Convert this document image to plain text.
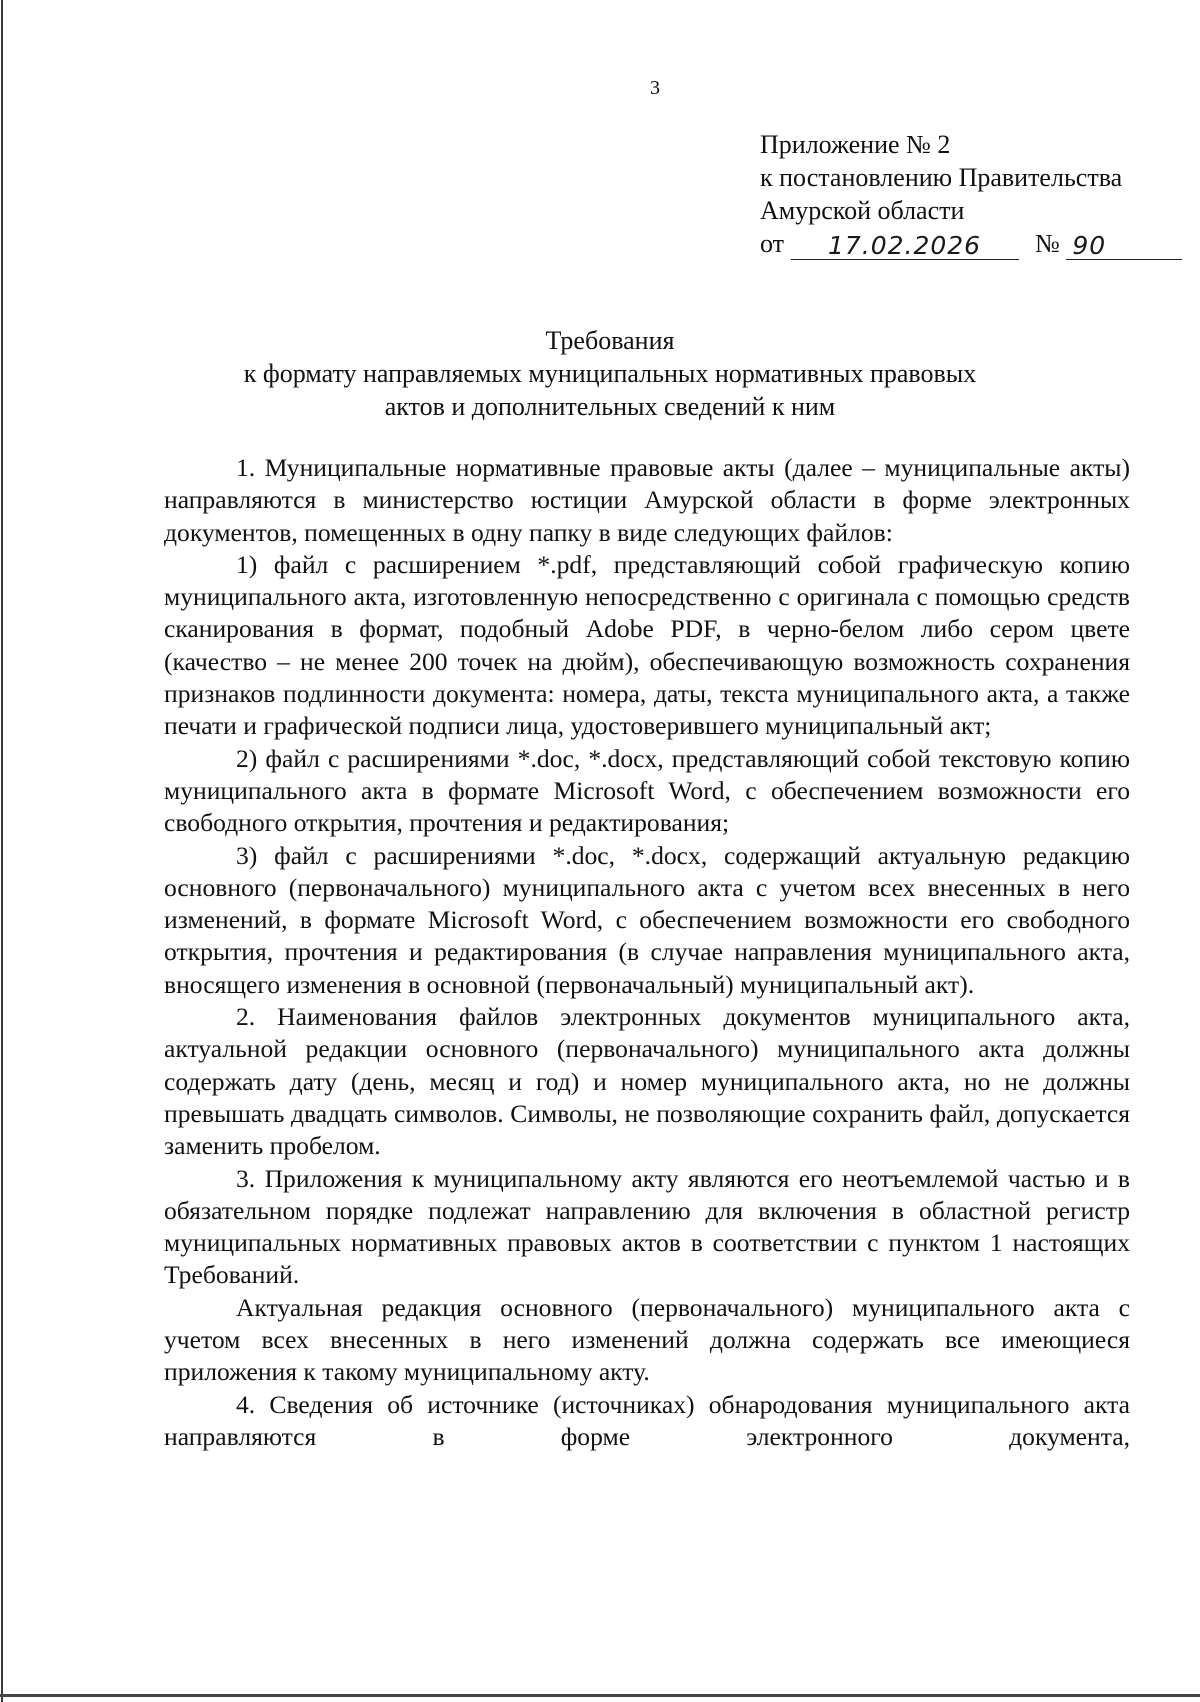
3
Приложение № 2
к постановлению Правительства
Амурской области
от 17.02.2026 № 90
Требования
к формату направляемых муниципальных нормативных правовых
актов и дополнительных сведений к ним

1. Муниципальные нормативные правовые акты (далее – муниципальные акты) направляются в министерство юстиции Амурской области в форме электронных документов, помещенных в одну папку в виде следующих файлов:

1) файл с расширением *.pdf, представляющий собой графическую копию муниципального акта, изготовленную непосредственно с оригинала с помощью средств сканирования в формат, подобный Adobe PDF, в черно-белом либо сером цвете (качество – не менее 200 точек на дюйм), обеспечивающую возможность сохранения признаков подлинности документа: номера, даты, текста муниципального акта, а также печати и графической подписи лица, удостоверившего муниципальный акт;

2) файл с расширениями *.doc, *.docx, представляющий собой текстовую копию муниципального акта в формате Microsoft Word, с обеспечением возможности его свободного открытия, прочтения и редактирования;

3) файл с расширениями *.doc, *.docx, содержащий актуальную редакцию основного (первоначального) муниципального акта с учетом всех внесенных в него изменений, в формате Microsoft Word, с обеспечением возможности его свободного открытия, прочтения и редактирования (в случае направления муниципального акта, вносящего изменения в основной (первоначальный) муниципальный акт).

2. Наименования файлов электронных документов муниципального акта, актуальной редакции основного (первоначального) муниципального акта должны содержать дату (день, месяц и год) и номер муниципального акта, но не должны превышать двадцать символов. Символы, не позволяющие сохранить файл, допускается заменить пробелом.

3. Приложения к муниципальному акту являются его неотъемлемой частью и в обязательном порядке подлежат направлению для включения в областной регистр муниципальных нормативных правовых актов в соответствии с пунктом 1 настоящих Требований.

Актуальная редакция основного (первоначального) муниципального акта с учетом всех внесенных в него изменений должна содержать все имеющиеся приложения к такому муниципальному акту.

4. Сведения об источнике (источниках) обнародования муниципального акта направляются в форме электронного документа,
